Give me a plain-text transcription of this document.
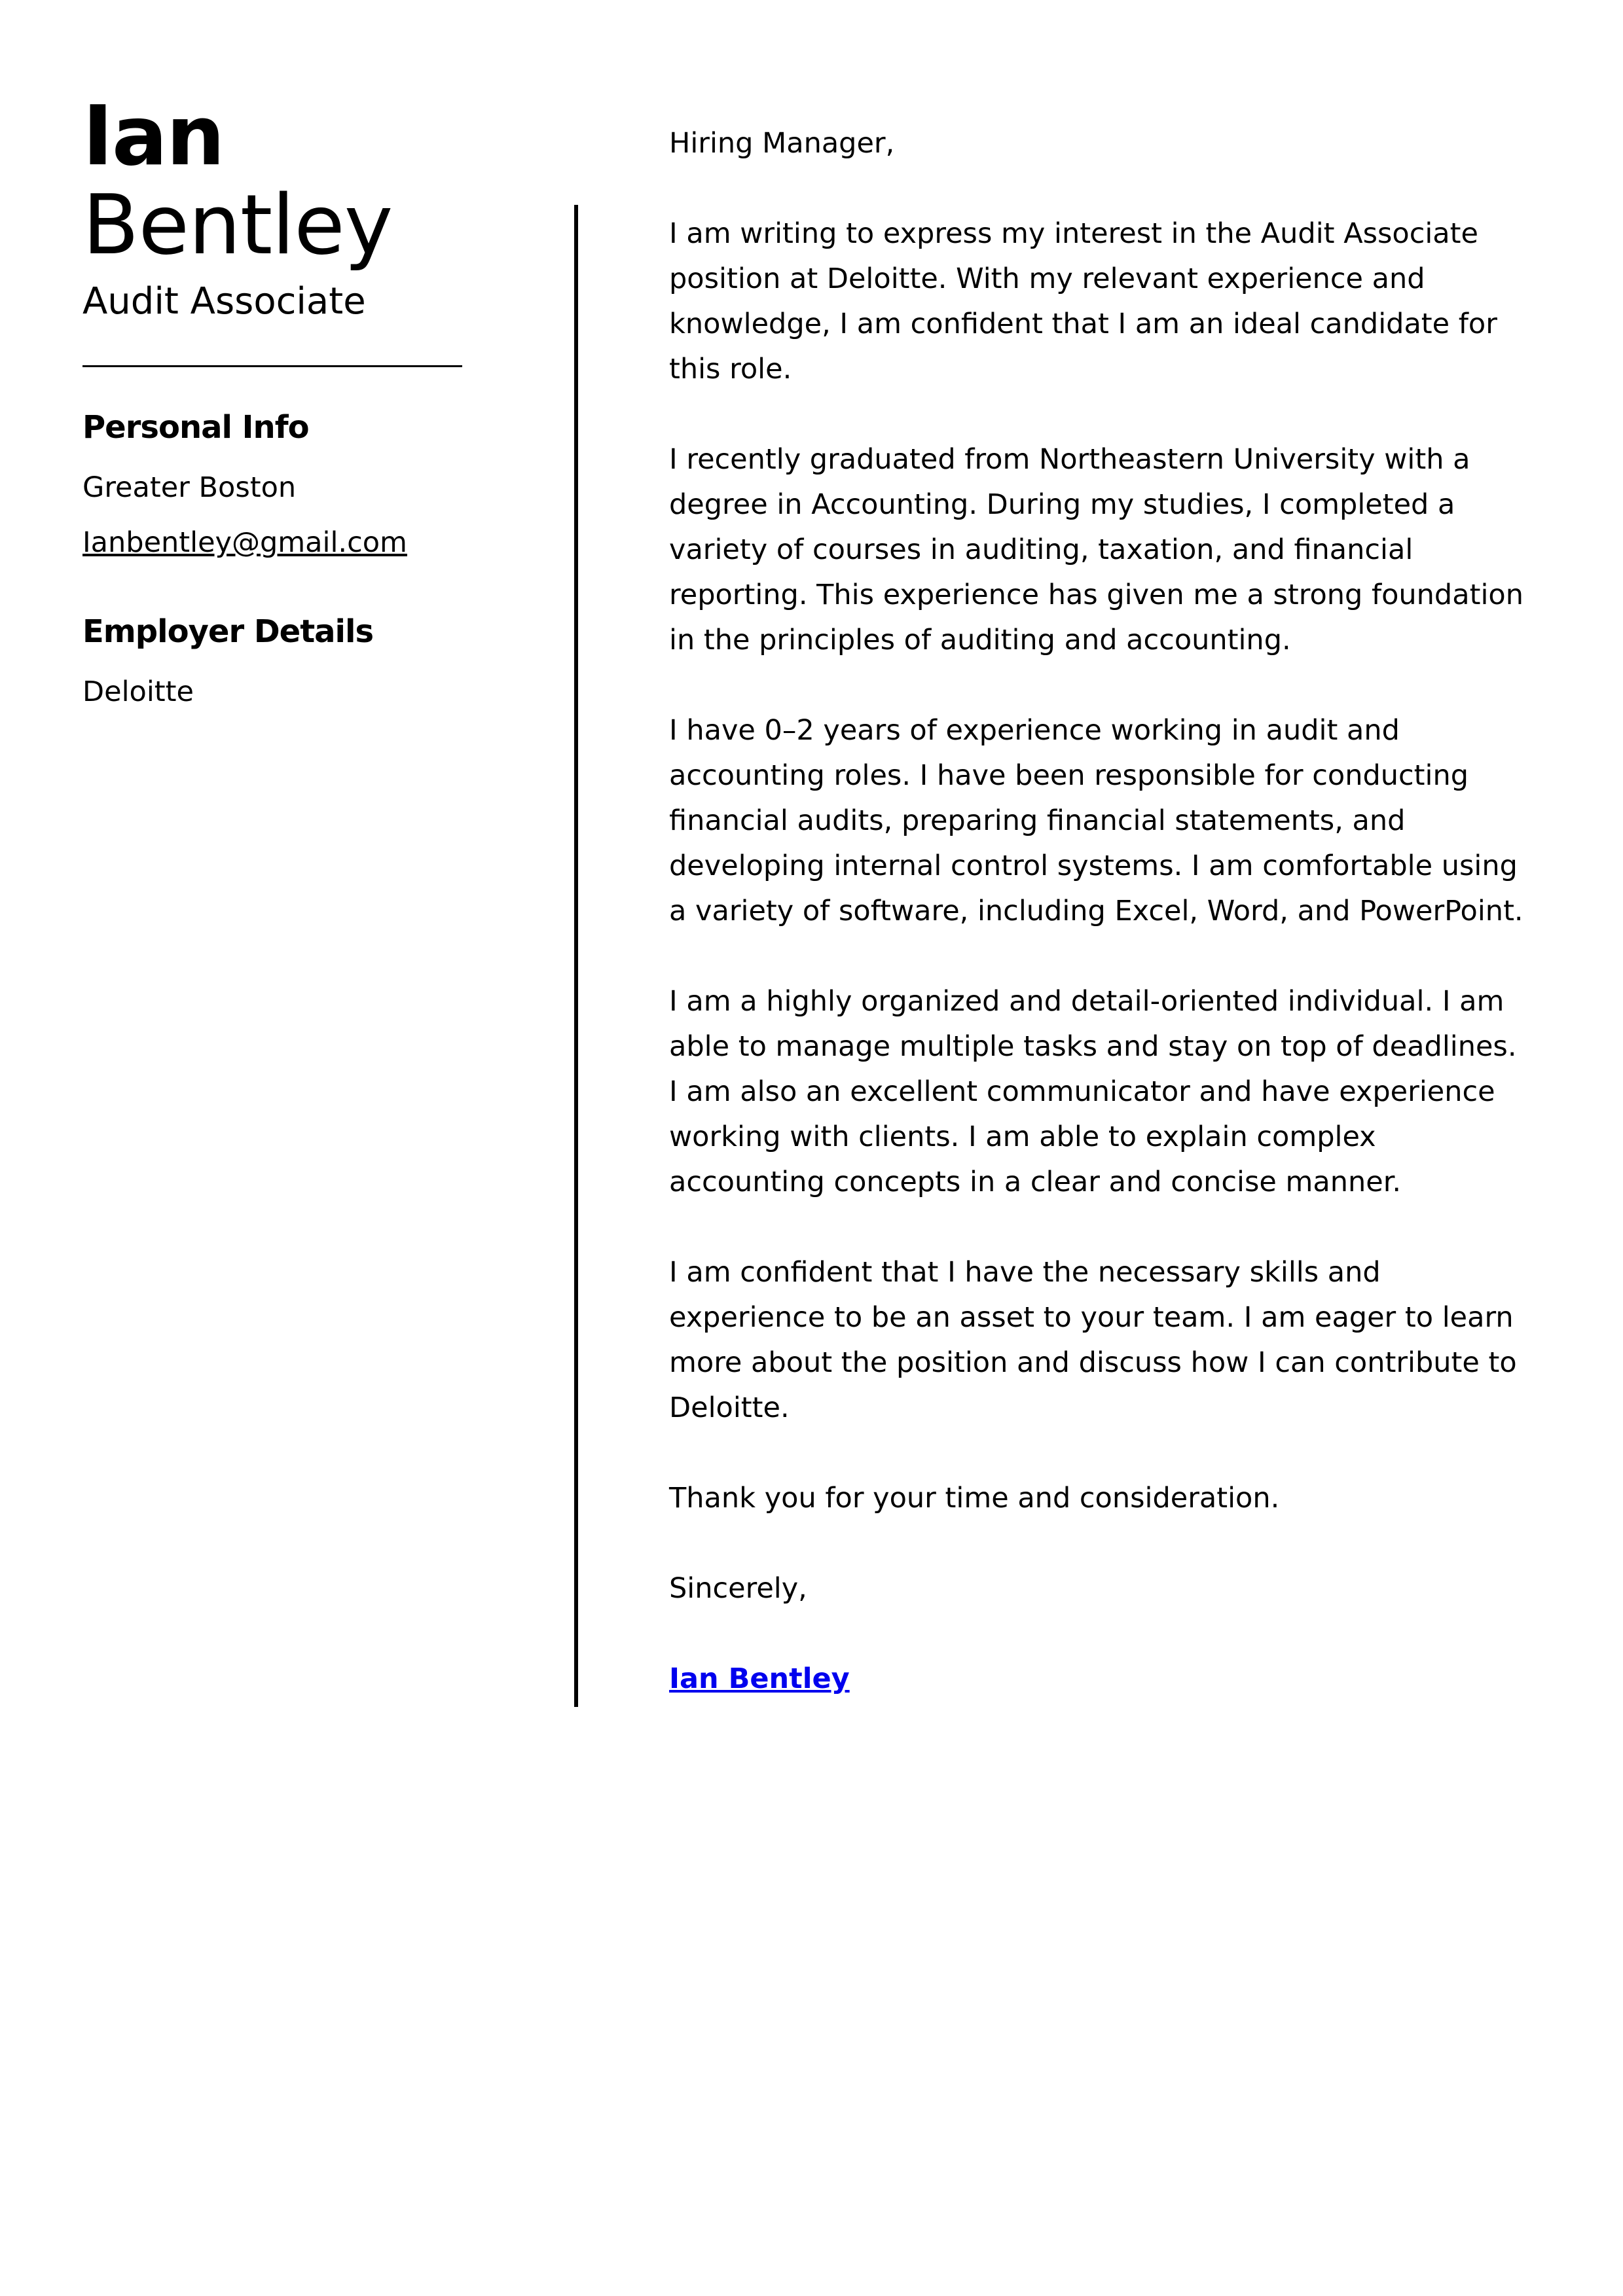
Ian
Bentley
Audit Associate
Personal Info
Greater Boston
Ianbentley@gmail.com
Employer Details
Deloitte

Hiring Manager,

I am writing to express my interest in the Audit Associate position at Deloitte. With my relevant experience and knowledge, I am confident that I am an ideal candidate for this role.

I recently graduated from Northeastern University with a degree in Accounting. During my studies, I completed a variety of courses in auditing, taxation, and financial reporting. This experience has given me a strong foundation in the principles of auditing and accounting.

I have 0–2 years of experience working in audit and accounting roles. I have been responsible for conducting financial audits, preparing financial statements, and developing internal control systems. I am comfortable using a variety of software, including Excel, Word, and PowerPoint.

I am a highly organized and detail-oriented individual. I am able to manage multiple tasks and stay on top of deadlines. I am also an excellent communicator and have experience working with clients. I am able to explain complex accounting concepts in a clear and concise manner.

I am confident that I have the necessary skills and experience to be an asset to your team. I am eager to learn more about the position and discuss how I can contribute to Deloitte.

Thank you for your time and consideration.

Sincerely,

Ian Bentley
